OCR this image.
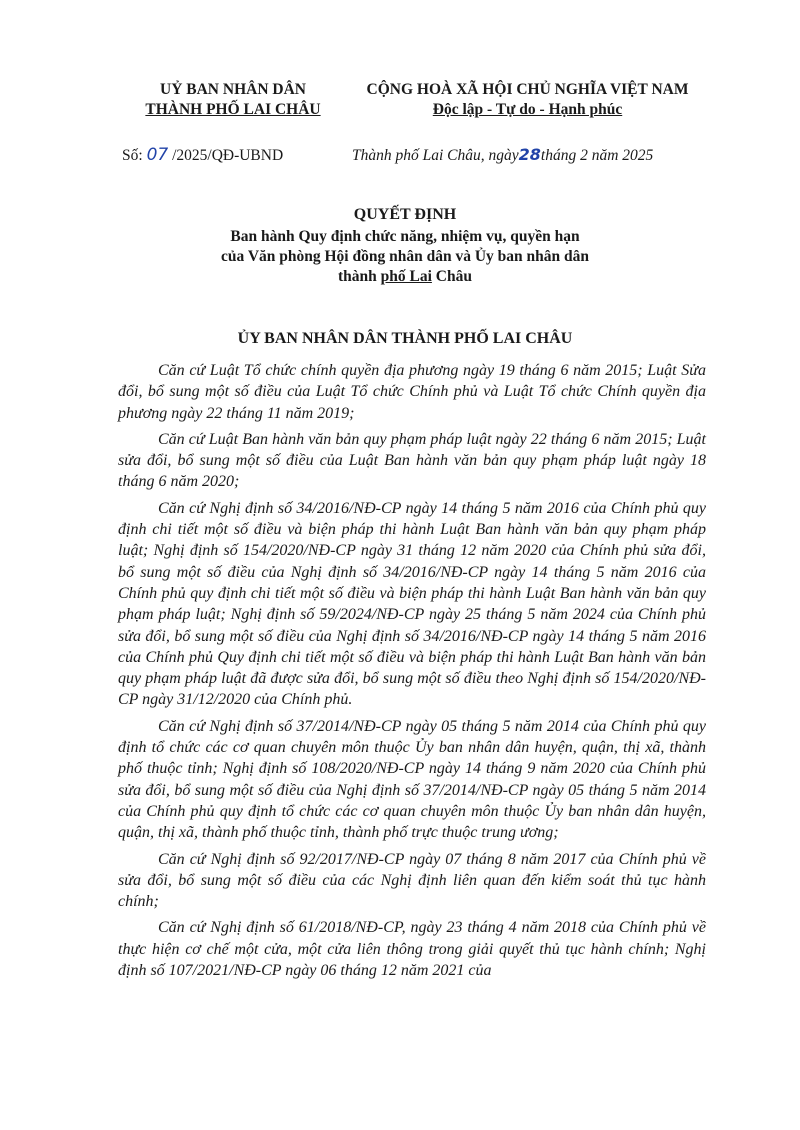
UỶ BAN NHÂN DÂN
THÀNH PHỐ LAI CHÂU
CỘNG HOÀ XÃ HỘI CHỦ NGHĨA VIỆT NAM
Độc lập - Tự do - Hạnh phúc
Số: 07 /2025/QĐ-UBND	Thành phố Lai Châu, ngày28tháng 2 năm 2025
QUYẾT ĐỊNH
Ban hành Quy định chức năng, nhiệm vụ, quyền hạn
của Văn phòng Hội đồng nhân dân và Ủy ban nhân dân
thành phố Lai Châu
ỦY BAN NHÂN DÂN THÀNH PHỐ LAI CHÂU

Căn cứ Luật Tổ chức chính quyền địa phương ngày 19 tháng 6 năm 2015; Luật Sửa đổi, bổ sung một số điều của Luật Tổ chức Chính phủ và Luật Tổ chức Chính quyền địa phương ngày 22 tháng 11 năm 2019;

Căn cứ Luật Ban hành văn bản quy phạm pháp luật ngày 22 tháng 6 năm 2015; Luật sửa đổi, bổ sung một số điều của Luật Ban hành văn bản quy phạm pháp luật ngày 18 tháng 6 năm 2020;

Căn cứ Nghị định số 34/2016/NĐ-CP ngày 14 tháng 5 năm 2016 của Chính phủ quy định chi tiết một số điều và biện pháp thi hành Luật Ban hành văn bản quy phạm pháp luật; Nghị định số 154/2020/NĐ-CP ngày 31 tháng 12 năm 2020 của Chính phủ sửa đổi, bổ sung một số điều của Nghị định số 34/2016/NĐ-CP ngày 14 tháng 5 năm 2016 của Chính phủ quy định chi tiết một số điều và biện pháp thi hành Luật Ban hành văn bản quy phạm pháp luật; Nghị định số 59/2024/NĐ-CP ngày 25 tháng 5 năm 2024 của Chính phủ sửa đổi, bổ sung một số điều của Nghị định số 34/2016/NĐ-CP ngày 14 tháng 5 năm 2016 của Chính phủ Quy định chi tiết một số điều và biện pháp thi hành Luật Ban hành văn bản quy phạm pháp luật đã được sửa đổi, bổ sung một số điều theo Nghị định số 154/2020/NĐ-CP ngày 31/12/2020 của Chính phủ.

Căn cứ Nghị định số 37/2014/NĐ-CP ngày 05 tháng 5 năm 2014 của Chính phủ quy định tổ chức các cơ quan chuyên môn thuộc Ủy ban nhân dân huyện, quận, thị xã, thành phố thuộc tỉnh; Nghị định số 108/2020/NĐ-CP ngày 14 tháng 9 năm 2020 của Chính phủ sửa đổi, bổ sung một số điều của Nghị định số 37/2014/NĐ-CP ngày 05 tháng 5 năm 2014 của Chính phủ quy định tổ chức các cơ quan chuyên môn thuộc Ủy ban nhân dân huyện, quận, thị xã, thành phố thuộc tỉnh, thành phố trực thuộc trung ương;

Căn cứ Nghị định số 92/2017/NĐ-CP ngày 07 tháng 8 năm 2017 của Chính phủ về sửa đổi, bổ sung một số điều của các Nghị định liên quan đến kiểm soát thủ tục hành chính;

Căn cứ Nghị định số 61/2018/NĐ-CP, ngày 23 tháng 4 năm 2018 của Chính phủ về thực hiện cơ chế một cửa, một cửa liên thông trong giải quyết thủ tục hành chính; Nghị định số 107/2021/NĐ-CP ngày 06 tháng 12 năm 2021 của
